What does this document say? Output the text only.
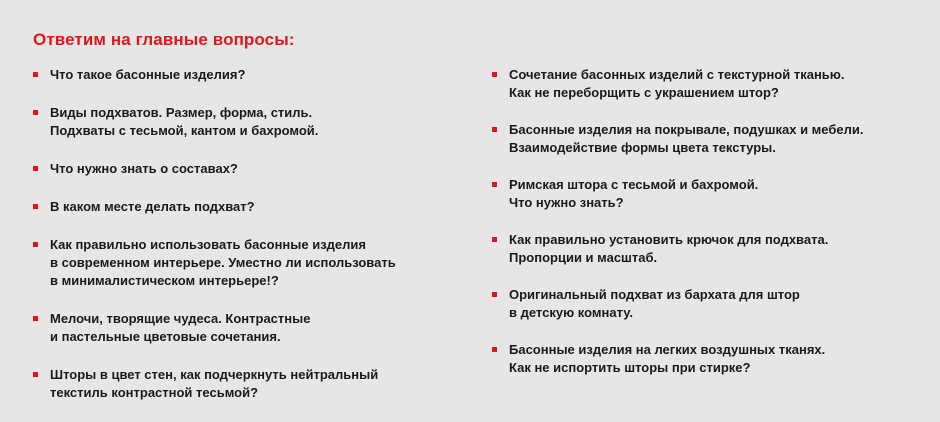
Ответим на главные вопросы:
Что такое басонные изделия?
Виды подхватов. Размер, форма, стиль.
Подхваты с тесьмой, кантом и бахромой.
Что нужно знать о составах?
В каком месте делать подхват?
Как правильно использовать басонные изделия
в современном интерьере. Уместно ли использовать
в минималистическом интерьере!?
Мелочи, творящие чудеса. Контрастные
и пастельные цветовые сочетания.
Шторы в цвет стен, как подчеркнуть нейтральный
текстиль контрастной тесьмой?
Сочетание басонных изделий с текстурной тканью.
Как не переборщить с украшением штор?
Басонные изделия на покрывале, подушках и мебели.
Взаимодействие формы цвета текстуры.
Римская штора с тесьмой и бахромой.
Что нужно знать?
Как правильно установить крючок для подхвата.
Пропорции и масштаб.
Оригинальный подхват из бархата для штор
в детскую комнату.
Басонные изделия на легких воздушных тканях.
Как не испортить шторы при стирке?
